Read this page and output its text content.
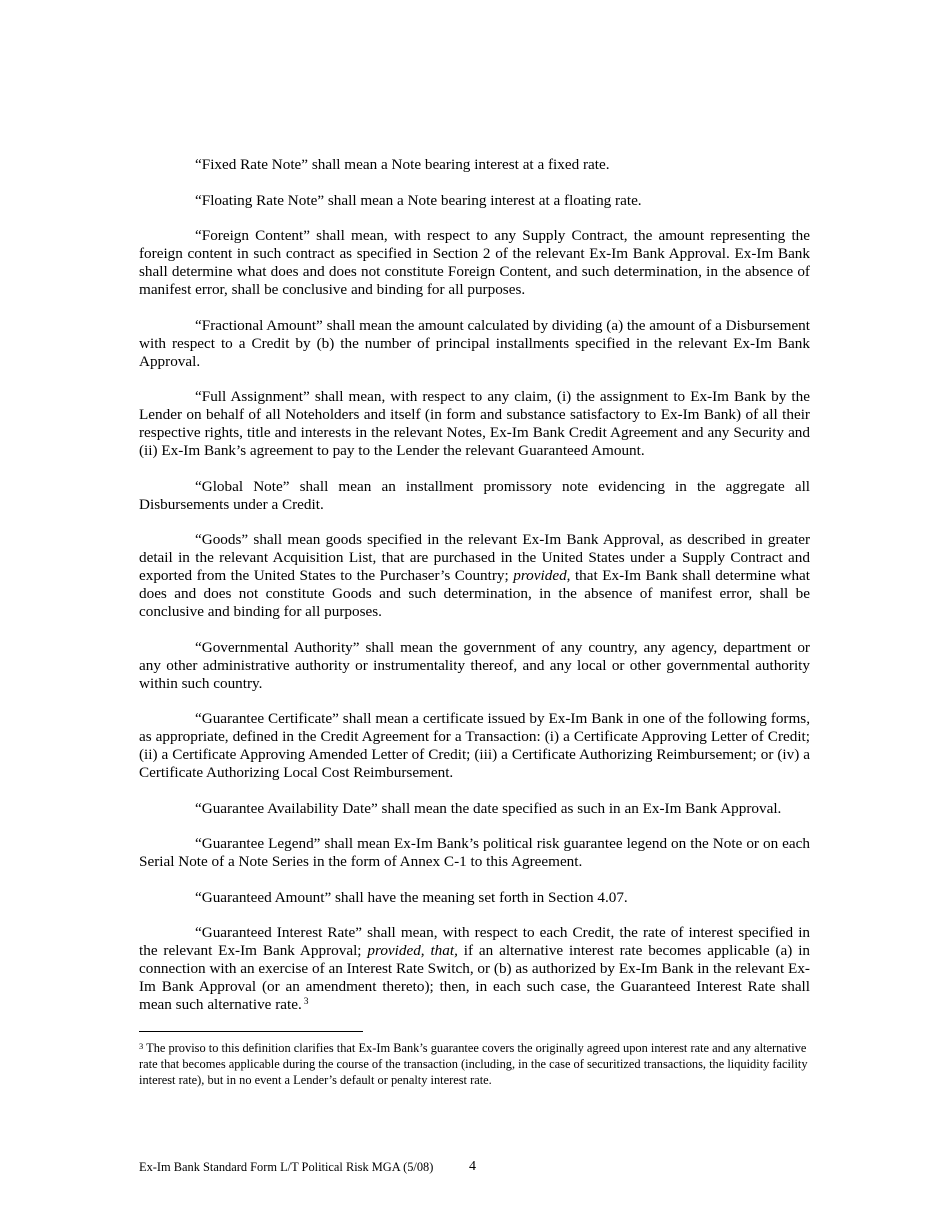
“Fixed Rate Note” shall mean a Note bearing interest at a fixed rate.

“Floating Rate Note” shall mean a Note bearing interest at a floating rate.

“Foreign Content” shall mean, with respect to any Supply Contract, the amount representing the foreign content in such contract as specified in Section 2 of the relevant Ex-Im Bank Approval. Ex-Im Bank shall determine what does and does not constitute Foreign Content, and such determination, in the absence of manifest error, shall be conclusive and binding for all purposes.

“Fractional Amount” shall mean the amount calculated by dividing (a) the amount of a Disbursement with respect to a Credit by (b) the number of principal installments specified in the relevant Ex-Im Bank Approval.

“Full Assignment” shall mean, with respect to any claim, (i) the assignment to Ex-Im Bank by the Lender on behalf of all Noteholders and itself (in form and substance satisfactory to Ex-Im Bank) of all their respective rights, title and interests in the relevant Notes, Ex-Im Bank Credit Agreement and any Security and (ii) Ex-Im Bank’s agreement to pay to the Lender the relevant Guaranteed Amount.

“Global Note” shall mean an installment promissory note evidencing in the aggregate all Disbursements under a Credit.

“Goods” shall mean goods specified in the relevant Ex-Im Bank Approval, as described in greater detail in the relevant Acquisition List, that are purchased in the United States under a Supply Contract and exported from the United States to the Purchaser’s Country; provided, that Ex-Im Bank shall determine what does and does not constitute Goods and such determination, in the absence of manifest error, shall be conclusive and binding for all purposes.

“Governmental Authority” shall mean the government of any country, any agency, department or any other administrative authority or instrumentality thereof, and any local or other governmental authority within such country.

“Guarantee Certificate” shall mean a certificate issued by Ex-Im Bank in one of the following forms, as appropriate, defined in the Credit Agreement for a Transaction: (i) a Certificate Approving Letter of Credit; (ii) a Certificate Approving Amended Letter of Credit; (iii) a Certificate Authorizing Reimbursement; or (iv) a Certificate Authorizing Local Cost Reimbursement.

“Guarantee Availability Date” shall mean the date specified as such in an Ex-Im Bank Approval.

“Guarantee Legend” shall mean Ex-Im Bank’s political risk guarantee legend on the Note or on each Serial Note of a Note Series in the form of Annex C-1 to this Agreement.

“Guaranteed Amount” shall have the meaning set forth in Section 4.07.

“Guaranteed Interest Rate” shall mean, with respect to each Credit, the rate of interest specified in the relevant Ex-Im Bank Approval; provided, that, if an alternative interest rate becomes applicable (a) in connection with an exercise of an Interest Rate Switch, or (b) as authorized by Ex-Im Bank in the relevant Ex-Im Bank Approval (or an amendment thereto); then, in each such case, the Guaranteed Interest Rate shall mean such alternative rate. $^3$

$^3$ The proviso to this definition clarifies that Ex-Im Bank’s guarantee covers the originally agreed upon interest rate and any alternative rate that becomes applicable during the course of the transaction (including, in the case of securitized transactions, the liquidity facility interest rate), but in no event a Lender’s default or penalty interest rate.
Ex-Im Bank Standard Form L/T Political Risk MGA (5/08)	4
